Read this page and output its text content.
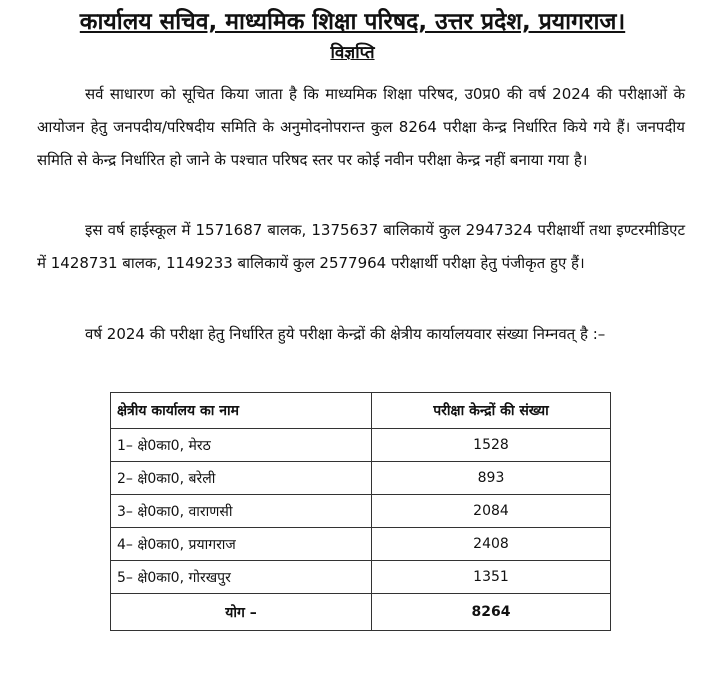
कार्यालय सचिव, माध्यमिक शिक्षा परिषद, उत्तर प्रदेश, प्रयागराज।
विज्ञप्ति
सर्व साधारण को सूचित किया जाता है कि माध्यमिक शिक्षा परिषद, उ0प्र0 की वर्ष 2024 की परीक्षाओं के आयोजन हेतु जनपदीय/परिषदीय समिति के अनुमोदनोपरान्त कुल 8264 परीक्षा केन्द्र निर्धारित किये गये हैं। जनपदीय समिति से केन्द्र निर्धारित हो जाने के पश्चात परिषद स्तर पर कोई नवीन परीक्षा केन्द्र नहीं बनाया गया है।
इस वर्ष हाईस्कूल में 1571687 बालक, 1375637 बालिकायें कुल 2947324 परीक्षार्थी तथा इण्टरमीडिएट में 1428731 बालक, 1149233 बालिकायें कुल 2577964 परीक्षार्थी परीक्षा हेतु पंजीकृत हुए हैं।
वर्ष 2024 की परीक्षा हेतु निर्धारित हुये परीक्षा केन्द्रों की क्षेत्रीय कार्यालयवार संख्या निम्नवत् है :–
क्षेत्रीय कार्यालय का नाम	परीक्षा केन्द्रों की संख्या
1– क्षे0का0, मेरठ	1528
2– क्षे0का0, बरेली	893
3– क्षे0का0, वाराणसी	2084
4– क्षे0का0, प्रयागराज	2408
5– क्षे0का0, गोरखपुर	1351
योग –	8264
